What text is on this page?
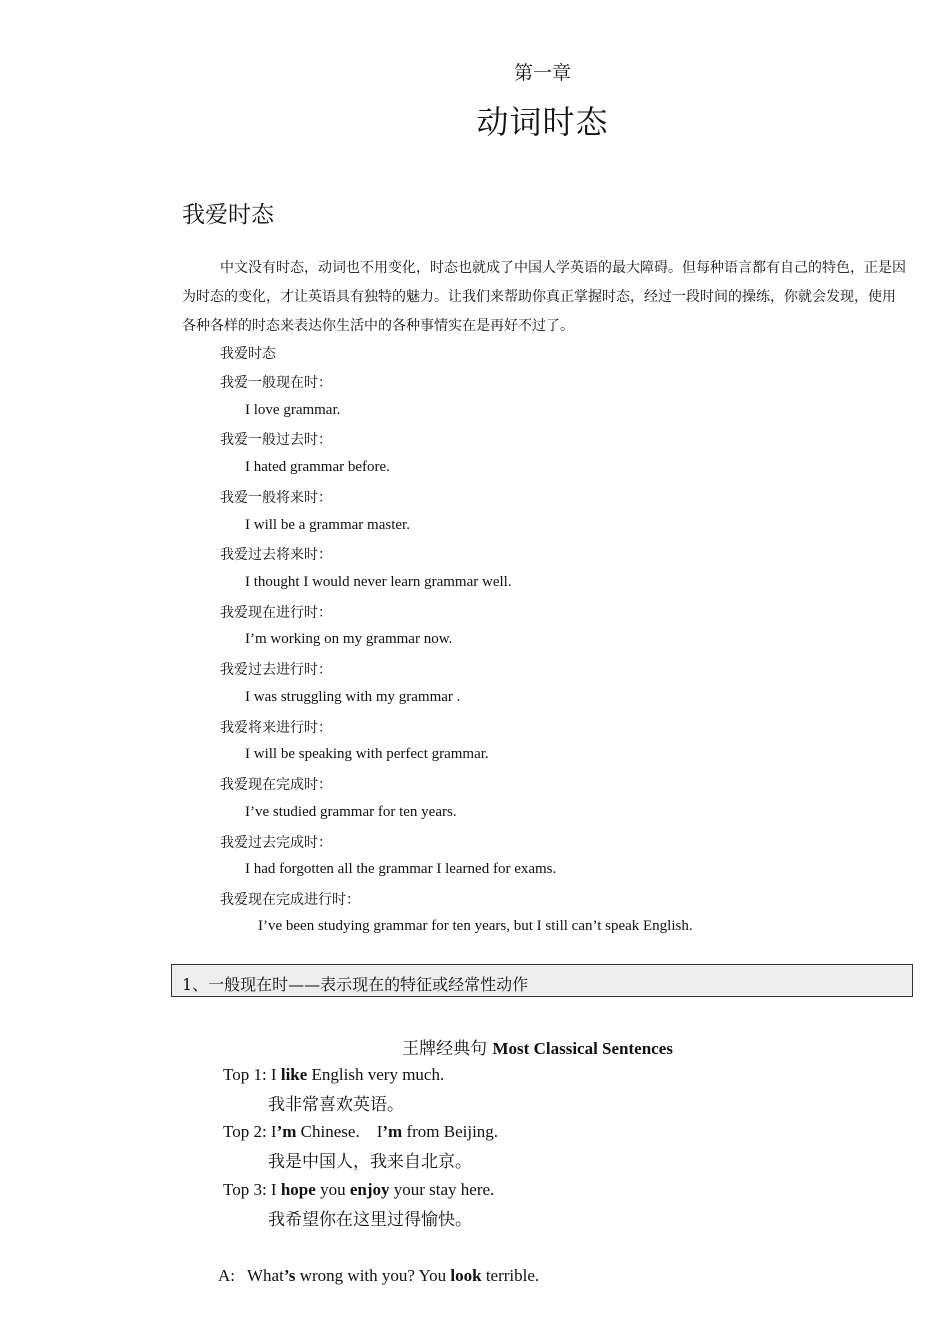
第一章
动词时态
我爱时态

中文没有时态，动词也不用变化，时态也就成了中国人学英语的最大障碍。但每种语言都有自己的特色，正是因为时态的变化，才让英语具有独特的魅力。让我们来帮助你真正掌握时态，经过一段时间的操练，你就会发现，使用各种各样的时态来表达你生活中的各种事情实在是再好不过了。

我爱时态
我爱一般现在时：
I love grammar.
我爱一般过去时：
I hated grammar before.
我爱一般将来时：
I will be a grammar master.
我爱过去将来时：
I thought I would never learn grammar well.
我爱现在进行时：
I’m working on my grammar now.
我爱过去进行时：
I was struggling with my grammar .
我爱将来进行时：
I will be speaking with perfect grammar.
我爱现在完成时：
I’ve studied grammar for ten years.
我爱过去完成时：
I had forgotten all the grammar I learned for exams.
我爱现在完成进行时：
I’ve been studying grammar for ten years, but I still can’t speak English.
1、一般现在时——表示现在的特征或经常性动作
王牌经典句 Most Classical Sentences
Top 1: I like English very much.
我非常喜欢英语。
Top 2: I’m Chinese.    I’m from Beijing.
我是中国人，我来自北京。
Top 3: I hope you enjoy your stay here.
我希望你在这里过得愉快。
A: What’s wrong with you? You look terrible.
